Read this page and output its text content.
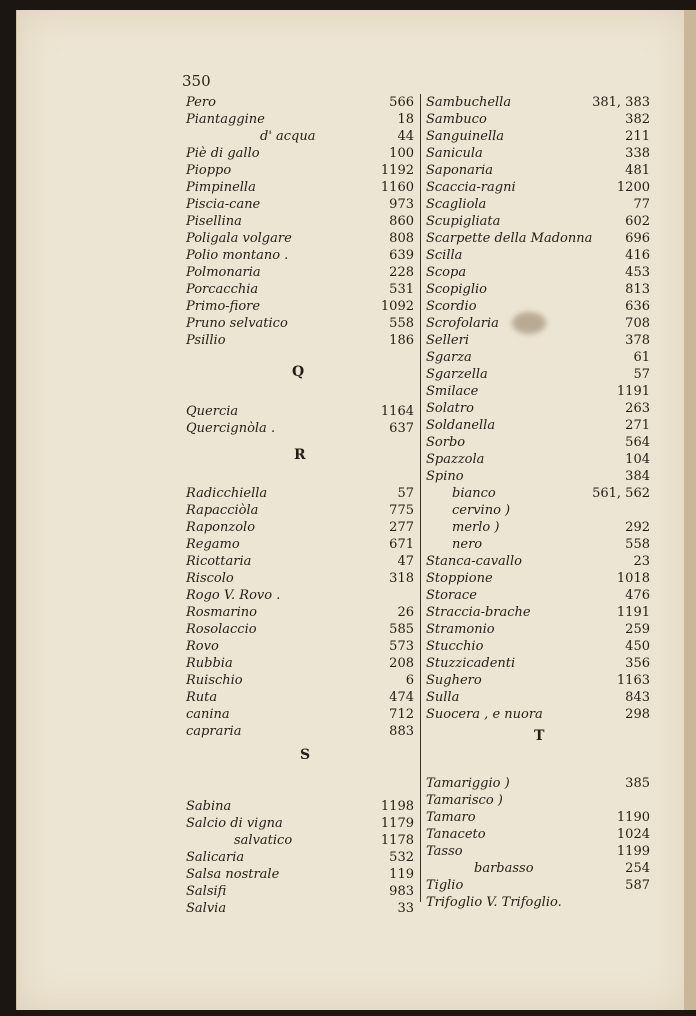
350
Q
R
S
T
Pero	566
Piantaggine	18
d' acqua	44
Piè di gallo	100
Pioppo	1192
Pimpinella	1160
Piscia-cane	973
Pisellina	860
Poligala volgare	808
Polio montano .	639
Polmonaria	228
Porcacchia	531
Primo-fiore	1092
Pruno selvatico	558
Psillio	186
Quercia	1164
Quercignòla .	637
Radicchiella	57
Rapacciòla	775
Raponzolo	277
Regamo	671
Ricottaria	47
Riscolo	318
Rogo V. Rovo .
Rosmarino	26
Rosolaccio	585
Rovo	573
Rubbia	208
Ruischio	6
Ruta	474
canina	712
capraria	883
Sabina	1198
Salcio di vigna	1179
salvatico	1178
Salicaria	532
Salsa nostrale	119
Salsifi	983
Salvia	33
Sambuchella	381, 383
Sambuco	382
Sanguinella	211
Sanicula	338
Saponaria	481
Scaccia-ragni	1200
Scagliola	77
Scupigliata	602
Scarpette della Madonna	696
Scilla	416
Scopa	453
Scopiglio	813
Scordio	636
Scrofolaria	708
Selleri	378
Sgarza	61
Sgarzella	57
Smilace	1191
Solatro	263
Soldanella	271
Sorbo	564
Spazzola	104
Spino	384
bianco	561, 562
cervino )
merlo )	292
nero	558
Stanca-cavallo	23
Stoppione	1018
Storace	476
Straccia-brache	1191
Stramonio	259
Stucchio	450
Stuzzicadenti	356
Sughero	1163
Sulla	843
Suocera , e nuora	298
Tamariggio )	385
Tamarisco )
Tamaro	1190
Tanaceto	1024
Tasso	1199
barbasso	254
Tiglio	587
Trifoglio V. Trifoglio.
